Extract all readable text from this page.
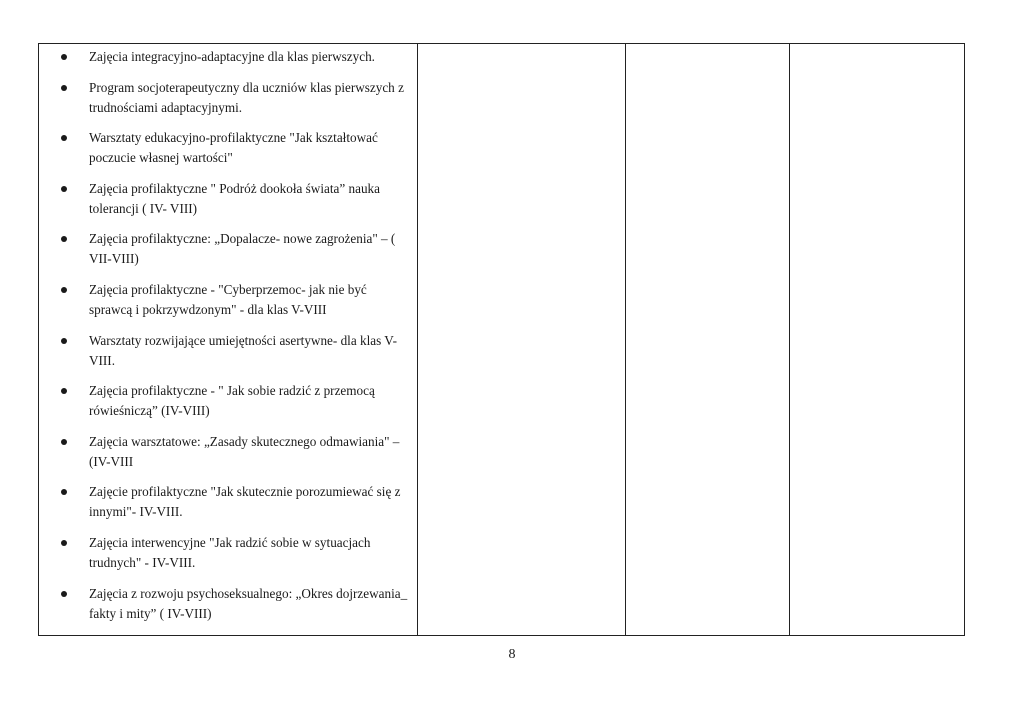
Zajęcia integracyjno-adaptacyjne dla klas pierwszych.
Program socjoterapeutyczny dla uczniów klas pierwszych z trudnościami adaptacyjnymi.
Warsztaty edukacyjno-profilaktyczne "Jak kształtować poczucie własnej wartości"
Zajęcia profilaktyczne " Podróż dookoła świata” nauka tolerancji ( IV- VIII)
Zajęcia profilaktyczne: „Dopalacze- nowe zagrożenia" – ( VII-VIII)
Zajęcia profilaktyczne - "Cyberprzemoc- jak nie być sprawcą i pokrzywdzonym" - dla klas V-VIII
Warsztaty rozwijające umiejętności asertywne- dla klas V-VIII.
Zajęcia profilaktyczne - " Jak sobie radzić z przemocą rówieśniczą” (IV-VIII)
Zajęcia warsztatowe: „Zasady skutecznego odmawiania" – (IV-VIII
Zajęcie profilaktyczne "Jak skutecznie porozumiewać się z innymi"- IV-VIII.
Zajęcia interwencyjne "Jak radzić sobie w sytuacjach trudnych" - IV-VIII.
Zajęcia z rozwoju psychoseksualnego: „Okres dojrzewania_ fakty i mity” ( IV-VIII)

8
